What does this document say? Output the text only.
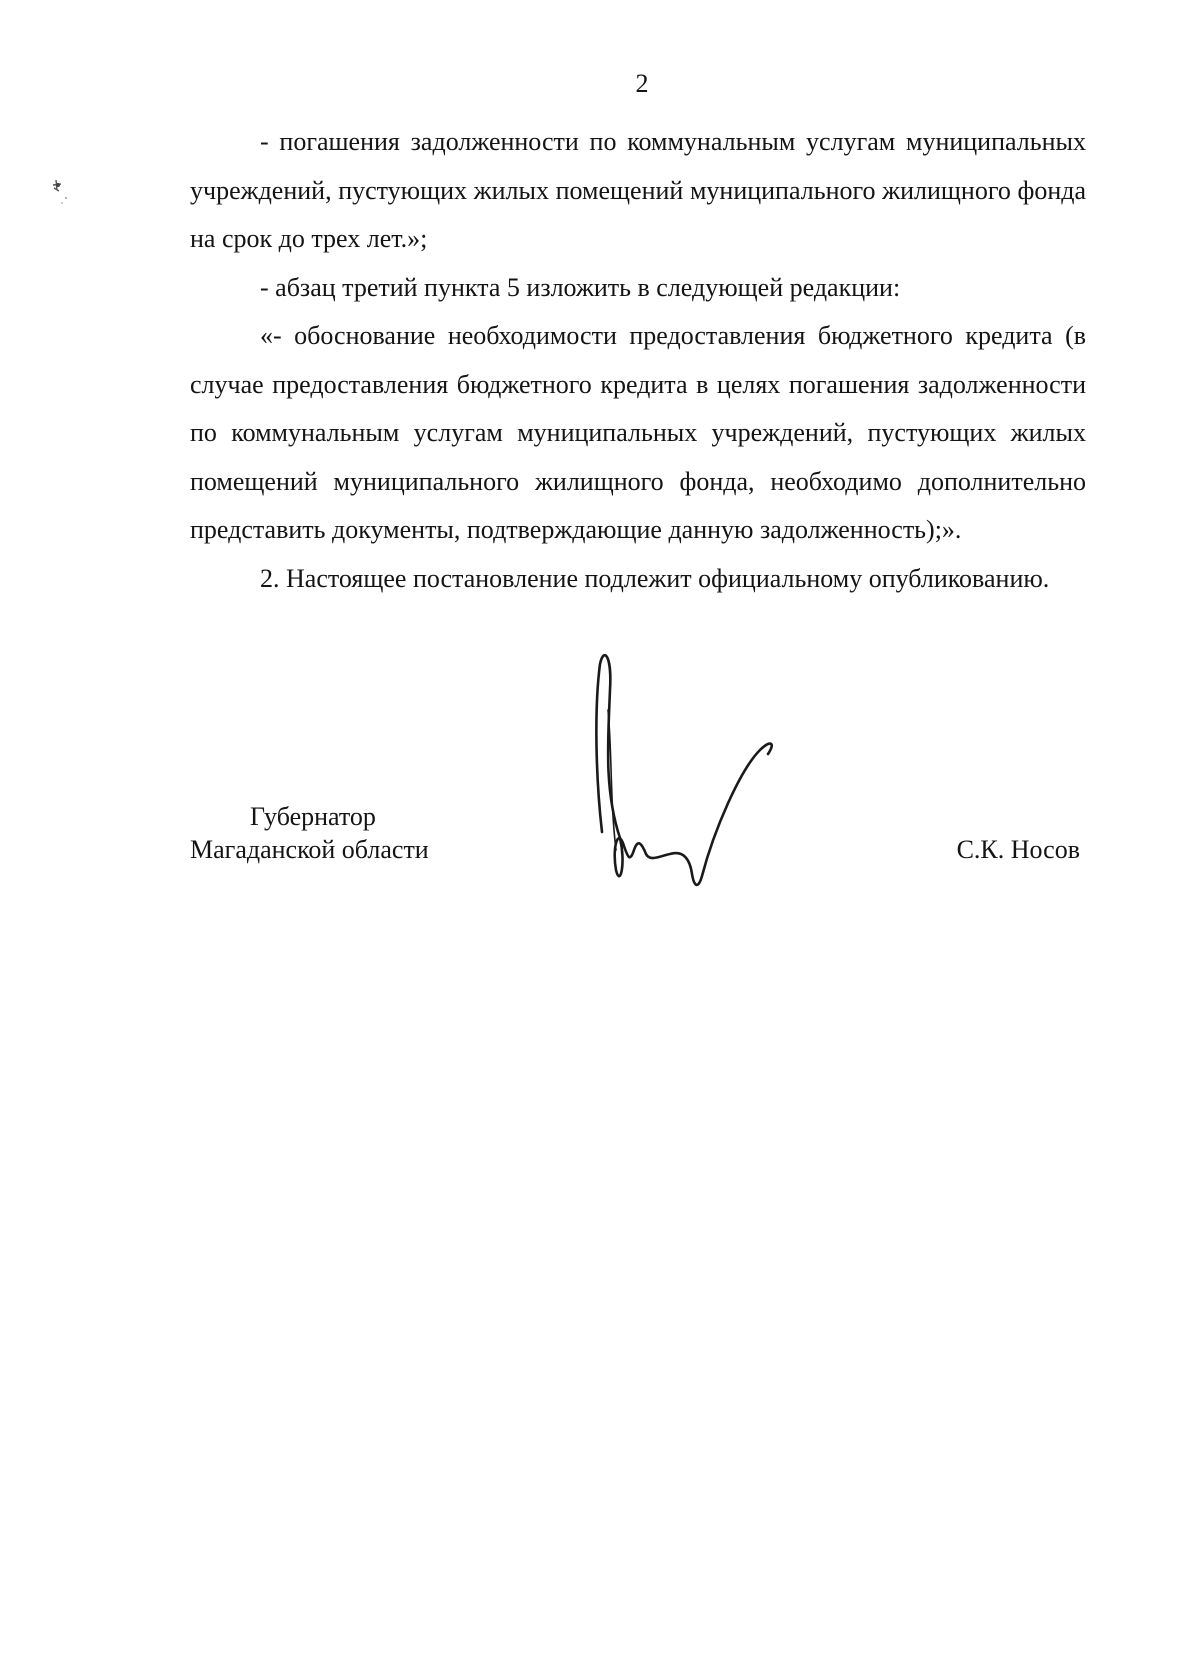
2

- погашения задолженности по коммунальным услугам муниципальных учреждений, пустующих жилых помещений муниципального жилищного фонда на срок до трех лет.»;

- абзац третий пункта 5 изложить в следующей редакции:

«- обоснование необходимости предоставления бюджетного кредита (в случае предоставления бюджетного кредита в целях погашения задолженности по коммунальным услугам муниципальных учреждений, пустующих жилых помещений муниципального жилищного фонда, необходимо дополнительно представить документы, подтверждающие данную задолженность);».

2. Настоящее постановление подлежит официальному опубликованию.

Губернатор
Магаданской области	С.К. Носов
